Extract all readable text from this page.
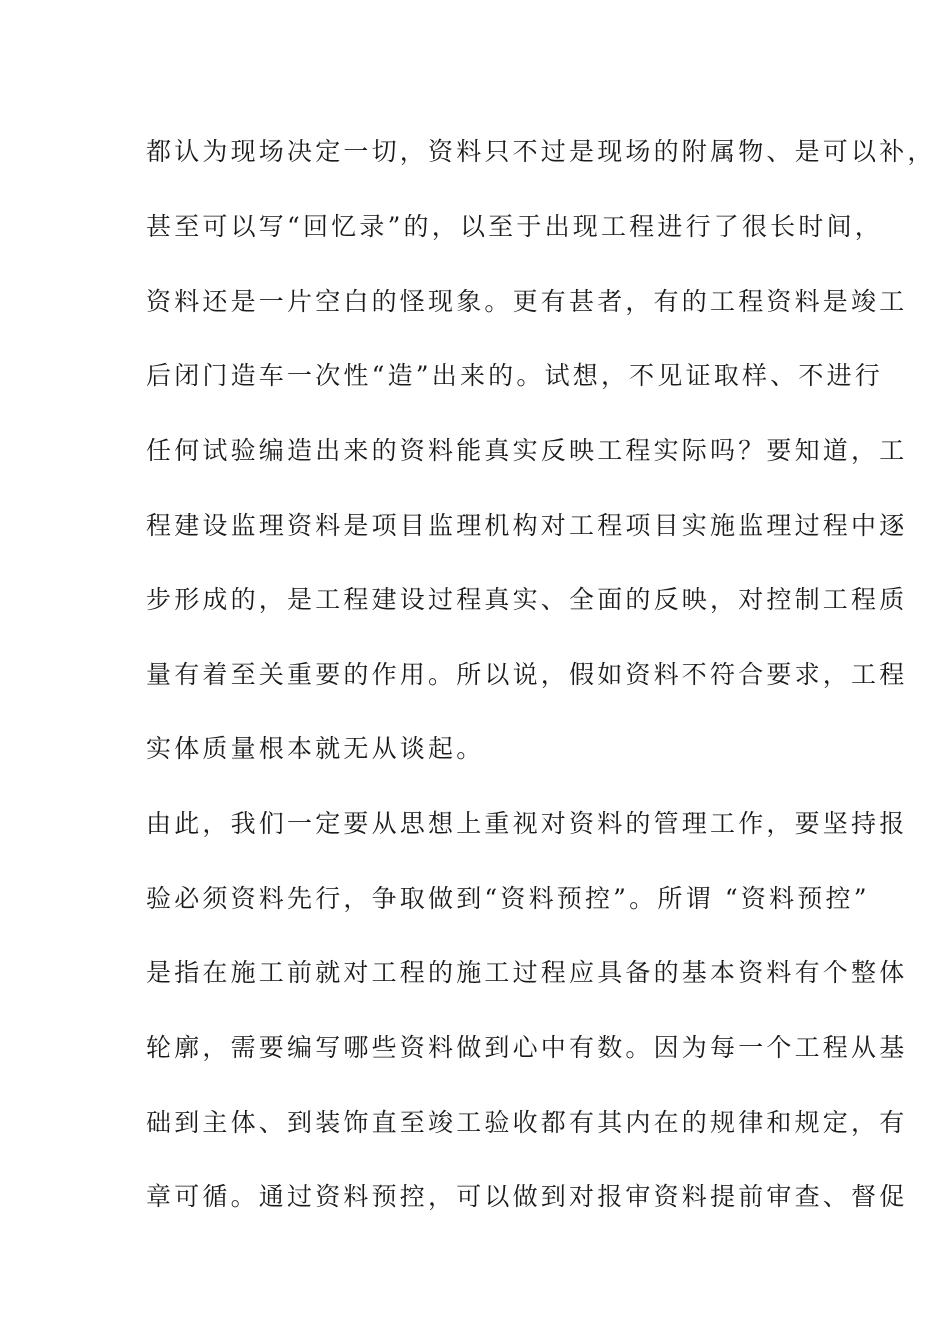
都认为现场决定一切，资料只不过是现场的附属物、是可以补，
甚至可以写“回忆录”的，以至于出现工程进行了很长时间，
资料还是一片空白的怪现象。更有甚者，有的工程资料是竣工
后闭门造车一次性“造”出来的。试想，不见证取样、不进行
任何试验编造出来的资料能真实反映工程实际吗？要知道，工
程建设监理资料是项目监理机构对工程项目实施监理过程中逐
步形成的，是工程建设过程真实、全面的反映，对控制工程质
量有着至关重要的作用。所以说，假如资料不符合要求，工程
实体质量根本就无从谈起。
由此，我们一定要从思想上重视对资料的管理工作，要坚持报
验必须资料先行，争取做到“资料预控”。所谓 “资料预控”
是指在施工前就对工程的施工过程应具备的基本资料有个整体
轮廓，需要编写哪些资料做到心中有数。因为每一个工程从基
础到主体、到装饰直至竣工验收都有其内在的规律和规定，有
章可循。通过资料预控，可以做到对报审资料提前审查、督促
